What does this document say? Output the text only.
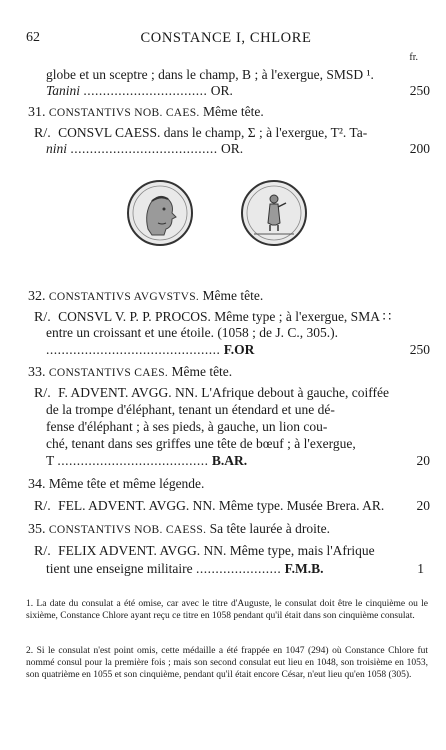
62	CONSTANCE I, CHLORE
fr.
globe et un sceptre ; dans le champ, B ; à l'exergue, SMSD ¹.
Tanini ................................ OR.	250
31. CONSTANTIVS NOB. CAES. Même tête.
R/. CONSVL CAESS. dans le champ, Σ ; à l'exergue, T². Ta-
nini ...................................... OR.	200
32. CONSTANTIVS AVGVSTVS. Même tête.
R/. CONSVL V. P. P. PROCOS. Même type ; à l'exergue, SMA ∷
entre un croissant et une étoile. (1058 ; de J. C., 305.).
............................................. F.OR	250
33. CONSTANTIVS CAES. Même tête.
R/. F. ADVENT. AVGG. NN. L'Afrique debout à gauche, coiffée
de la trompe d'éléphant, tenant un étendard et une dé-
fense d'éléphant ; à ses pieds, à gauche, un lion cou-
ché, tenant dans ses griffes une tête de bœuf ; à l'exergue,
T ....................................... B.AR.	20
34. Même tête et même légende.
R/. FEL. ADVENT. AVGG. NN. Même type. Musée Brera. AR. 20
35. CONSTANTIVS NOB. CAESS. Sa tête laurée à droite.
R/. FELIX ADVENT. AVGG. NN. Même type, mais l'Afrique
tient une enseigne militaire ...................... F.M.B.	1
1. La date du consulat a été omise, car avec le titre d'Auguste, le consulat doit être le cinquième ou le sixième, Constance Chlore ayant reçu ce titre en 1058 pendant qu'il était dans son cinquième consulat.
2. Si le consulat n'est point omis, cette médaille a été frappée en 1047 (294) où Constance Chlore fut nommé consul pour la première fois ; mais son second consulat eut lieu en 1048, son troisième en 1053, son quatrième en 1055 et son cinquième, pendant qu'il était encore César, n'eut lieu qu'en 1058 (305).
